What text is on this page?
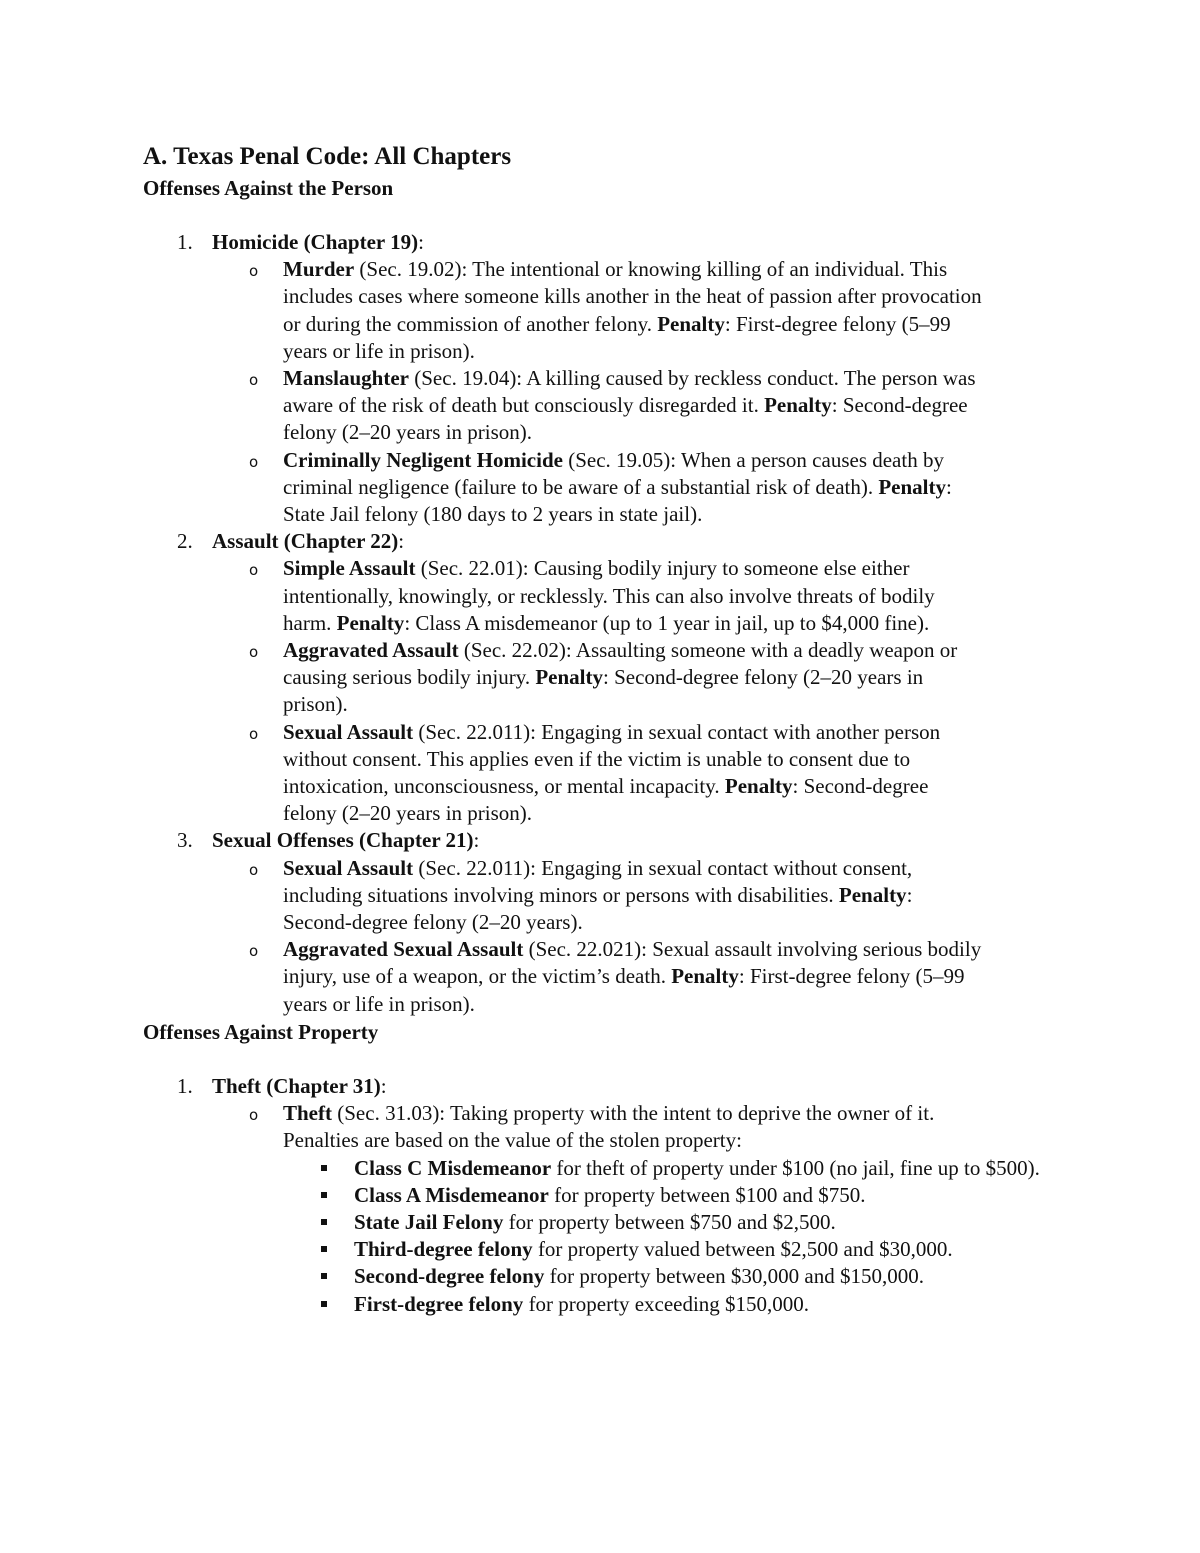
A. Texas Penal Code: All Chapters
Offenses Against the Person
1. Homicide (Chapter 19):
o Murder (Sec. 19.02): The intentional or knowing killing of an individual. This includes cases where someone kills another in the heat of passion after provocation or during the commission of another felony. Penalty: First-degree felony (5–99 years or life in prison).
o Manslaughter (Sec. 19.04): A killing caused by reckless conduct. The person was aware of the risk of death but consciously disregarded it. Penalty: Second-degree felony (2–20 years in prison).
o Criminally Negligent Homicide (Sec. 19.05): When a person causes death by criminal negligence (failure to be aware of a substantial risk of death). Penalty: State Jail felony (180 days to 2 years in state jail).
2. Assault (Chapter 22):
o Simple Assault (Sec. 22.01): Causing bodily injury to someone else either intentionally, knowingly, or recklessly. This can also involve threats of bodily harm. Penalty: Class A misdemeanor (up to 1 year in jail, up to $4,000 fine).
o Aggravated Assault (Sec. 22.02): Assaulting someone with a deadly weapon or causing serious bodily injury. Penalty: Second-degree felony (2–20 years in prison).
o Sexual Assault (Sec. 22.011): Engaging in sexual contact with another person without consent. This applies even if the victim is unable to consent due to intoxication, unconsciousness, or mental incapacity. Penalty: Second-degree felony (2–20 years in prison).
3. Sexual Offenses (Chapter 21):
o Sexual Assault (Sec. 22.011): Engaging in sexual contact without consent, including situations involving minors or persons with disabilities. Penalty: Second-degree felony (2–20 years).
o Aggravated Sexual Assault (Sec. 22.021): Sexual assault involving serious bodily injury, use of a weapon, or the victim’s death. Penalty: First-degree felony (5–99 years or life in prison).
Offenses Against Property
1. Theft (Chapter 31):
o Theft (Sec. 31.03): Taking property with the intent to deprive the owner of it. Penalties are based on the value of the stolen property:
Class C Misdemeanor for theft of property under $100 (no jail, fine up to $500).
Class A Misdemeanor for property between $100 and $750.
State Jail Felony for property between $750 and $2,500.
Third-degree felony for property valued between $2,500 and $30,000.
Second-degree felony for property between $30,000 and $150,000.
First-degree felony for property exceeding $150,000.
